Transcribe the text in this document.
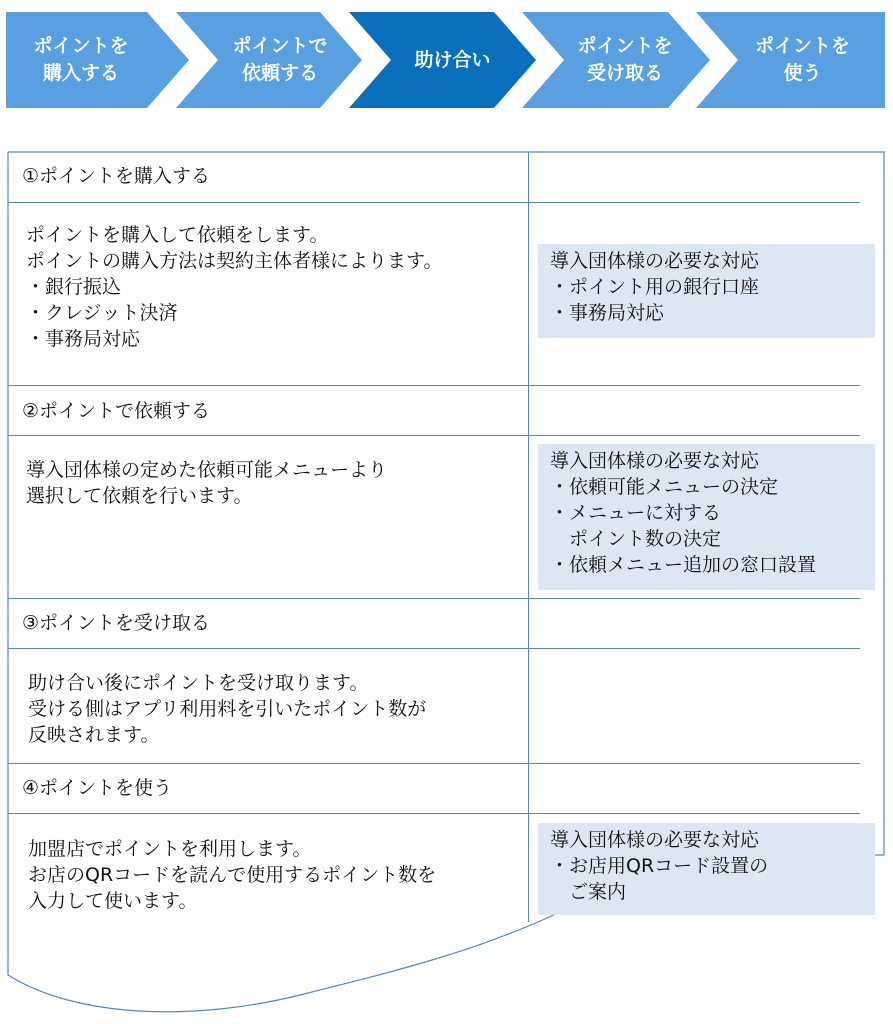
ポイントを
購入する
ポイントで
依頼する
助け合い
ポイントを
受け取る
ポイントを
使う
①ポイントを購入する
ポイントを購入して依頼をします。
ポイントの購入方法は契約主体者様によります。
・銀行振込
・クレジット決済
・事務局対応
導入団体様の必要な対応
・ポイント用の銀行口座
・事務局対応
②ポイントで依頼する
導入団体様の定めた依頼可能メニューより
選択して依頼を行います。
導入団体様の必要な対応
・依頼可能メニューの決定
・メニューに対する
　ポイント数の決定
・依頼メニュー追加の窓口設置
③ポイントを受け取る
助け合い後にポイントを受け取ります。
受ける側はアプリ利用料を引いたポイント数が
反映されます。
④ポイントを使う
加盟店でポイントを利用します。
お店のQRコードを読んで使用するポイント数を
入力して使います。
導入団体様の必要な対応
・お店用QRコード設置の
　ご案内
